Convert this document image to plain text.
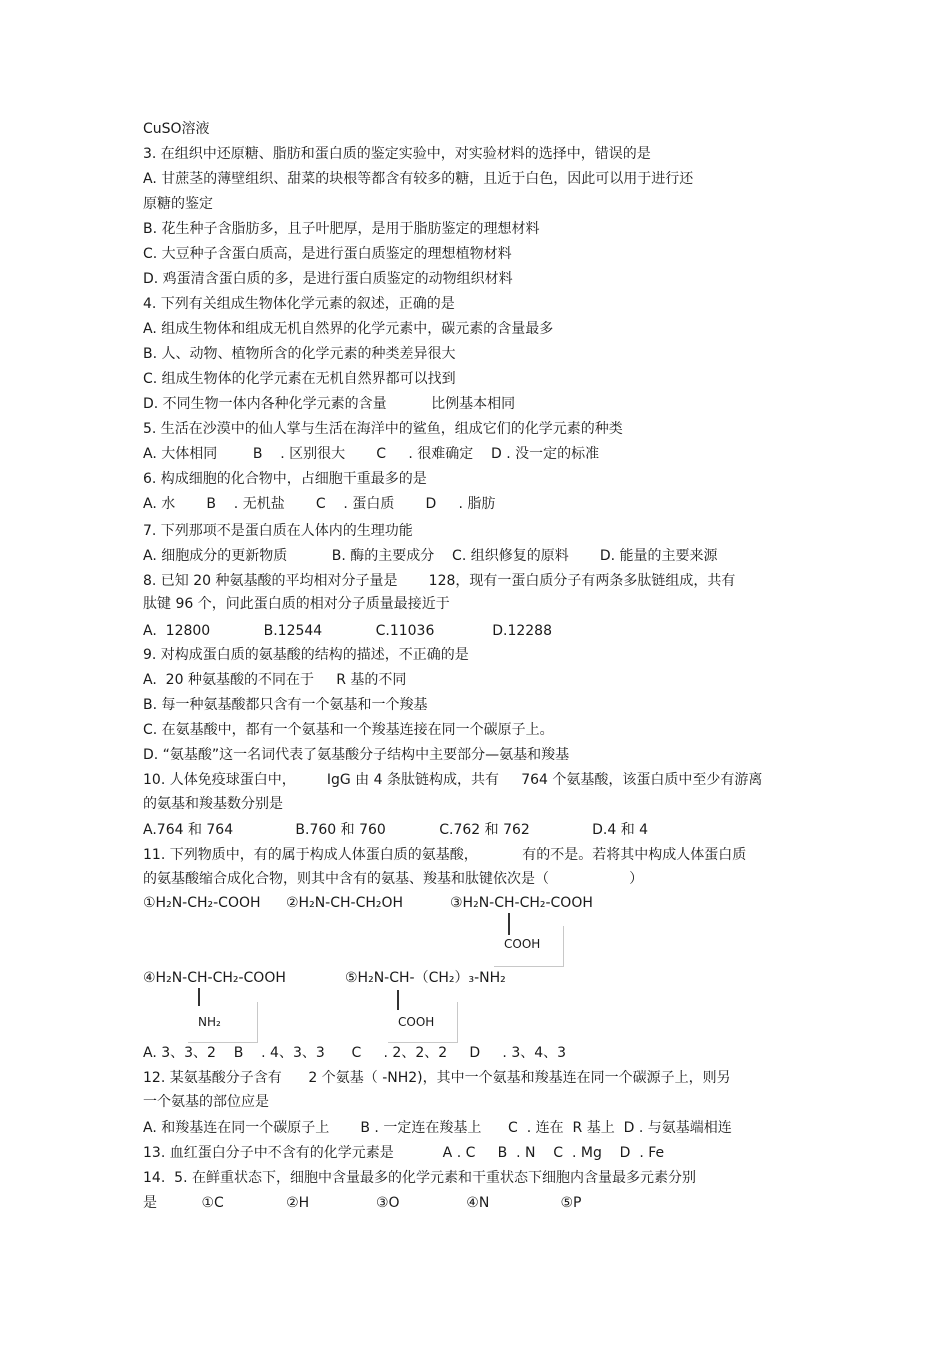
CuSO溶液
3. 在组织中还原糖、脂肪和蛋白质的鉴定实验中，对实验材料的选择中，错误的是
A. 甘蔗茎的薄壁组织、甜菜的块根等都含有较多的糖，且近于白色，因此可以用于进行还
原糖的鉴定
B. 花生种子含脂肪多，且子叶肥厚，是用于脂肪鉴定的理想材料
C. 大豆种子含蛋白质高，是进行蛋白质鉴定的理想植物材料
D. 鸡蛋清含蛋白质的多，是进行蛋白质鉴定的动物组织材料
4. 下列有关组成生物体化学元素的叙述，正确的是
A. 组成生物体和组成无机自然界的化学元素中，碳元素的含量最多
B. 人、动物、植物所含的化学元素的种类差异很大
C. 组成生物体的化学元素在无机自然界都可以找到
D. 不同生物一体内各种化学元素的含量          比例基本相同
5. 生活在沙漠中的仙人掌与生活在海洋中的鲨鱼，组成它们的化学元素的种类
A. 大体相同        B    . 区别很大       C     . 很难确定    D . 没一定的标准
6. 构成细胞的化合物中，占细胞干重最多的是
A. 水       B    . 无机盐       C    . 蛋白质       D     . 脂肪
7. 下列那项不是蛋白质在人体内的生理功能
A. 细胞成分的更新物质          B. 酶的主要成分    C. 组织修复的原料       D. 能量的主要来源
8. 已知 20 种氨基酸的平均相对分子量是       128，现有一蛋白质分子有两条多肽链组成，共有
肽键 96 个，问此蛋白质的相对分子质量最接近于
A.  12800            B.12544            C.11036             D.12288
9. 对构成蛋白质的氨基酸的结构的描述，不正确的是
A.  20 种氨基酸的不同在于     R 基的不同
B. 每一种氨基酸都只含有一个氨基和一个羧基
C. 在氨基酸中，都有一个氨基和一个羧基连接在同一个碳原子上。
D. “氨基酸”这一名词代表了氨基酸分子结构中主要部分—氨基和羧基
10. 人体免疫球蛋白中，       IgG 由 4 条肽链构成，共有     764 个氨基酸，该蛋白质中至少有游离
的氨基和羧基数分别是
A.764 和 764              B.760 和 760            C.762 和 762              D.4 和 4
11. 下列物质中，有的属于构成人体蛋白质的氨基酸，          有的不是。若将其中构成人体蛋白质
的氨基酸缩合成化合物，则其中含有的氨基、羧基和肽键依次是（                  ）
①H₂N-CH₂-COOH ②H₂N-CH-CH₂OH	③H₂N-CH-CH₂-COOH
COOH
④H₂N-CH-CH₂-COOH
NH₂
⑤H₂N-CH-（CH₂）₃-NH₂
COOH
A. 3、3、2    B    . 4、3、3      C     . 2、2、2     D     . 3、4、3
12. 某氨基酸分子含有      2 个氨基（ -NH2)，其中一个氨基和羧基连在同一个碳源子上，则另
一个氨基的部位应是
A. 和羧基连在同一个碳原子上       B . 一定连在羧基上      C  . 连在  R 基上  D . 与氨基端相连
13. 血红蛋白分子中不含有的化学元素是           A . C     B  . N    C  . Mg    D  . Fe
14.  5. 在鲜重状态下，细胞中含量最多的化学元素和干重状态下细胞内含量最多元素分别
是          ①C              ②H               ③O               ④N                ⑤P
